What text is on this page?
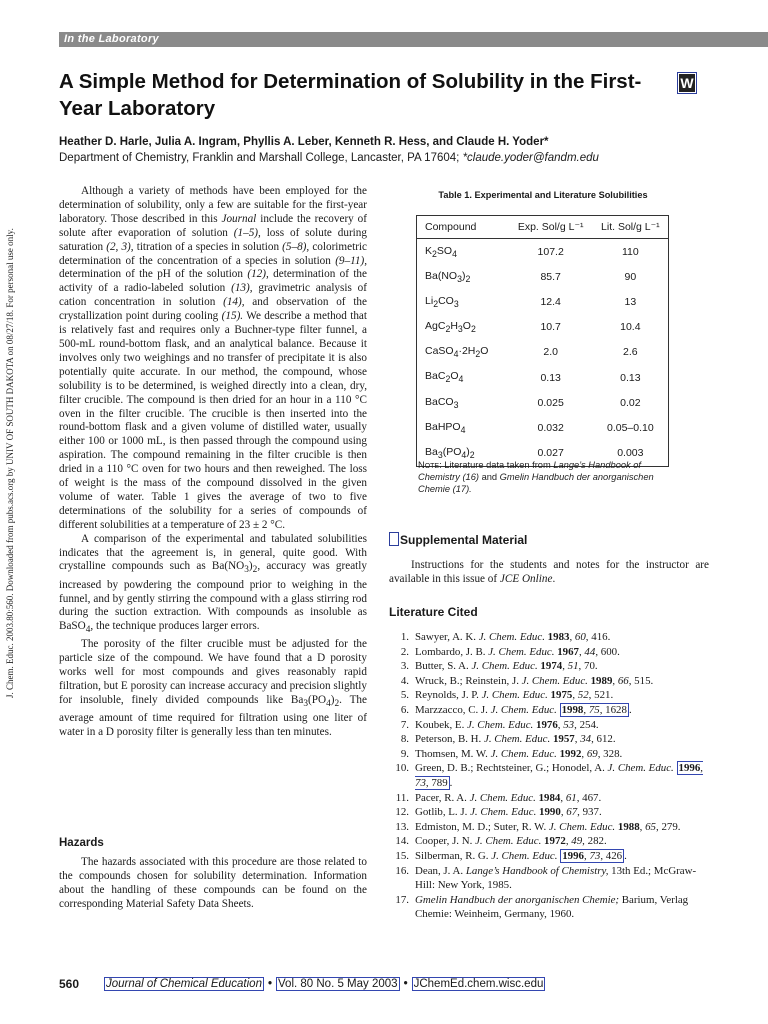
In the Laboratory
A Simple Method for Determination of Solubility in the First-Year Laboratory
W
Heather D. Harle, Julia A. Ingram, Phyllis A. Leber, Kenneth R. Hess, and Claude H. Yoder*
Department of Chemistry, Franklin and Marshall College, Lancaster, PA 17604; *claude.yoder@fandm.edu
J. Chem. Educ. 2003.80:560. Downloaded from pubs.acs.org by UNIV OF SOUTH DAKOTA on 08/27/18. For personal use only.

Although a variety of methods have been employed for the determination of solubility, only a few are suitable for the first-year laboratory. Those described in this Journal include the recovery of solute after evaporation of solution (1–5), loss of solute during saturation (2, 3), titration of a species in solution (5–8), colorimetric determination of the concentration of a species in solution (9–11), determination of the pH of the solution (12), determination of the activity of a radio-labeled solution (13), gravimetric analysis of cation concentration in solution (14), and observation of the crystallization point during cooling (15). We describe a method that is relatively fast and requires only a Buchner-type filter funnel, a 500-mL round-bottom flask, and an analytical balance. Because it involves only two weighings and no transfer of precipitate it is also potentially quite accurate. In our method, the compound, whose solubility is to be determined, is weighed directly into a clean, dry, filter crucible. The compound is then dried for an hour in a 110 °C oven in the filter crucible. The crucible is then inserted into the round-bottom flask and a given volume of distilled water, usually either 100 or 1000 mL, is then passed through the compound using aspiration. The compound remaining in the filter crucible is then dried in a 110 °C oven for two hours and then reweighed. The loss of weight is the mass of the compound dissolved in the given volume of water. Table 1 gives the average of two to five determinations of the solubility for a series of compounds of different solubilities at a temperature of 23 ± 2 °C.

A comparison of the experimental and tabulated solubilities indicates that the agreement is, in general, quite good. With crystalline compounds such as $Ba(NO_3)_2$, accuracy was greatly increased by powdering the compound prior to weighing in the funnel, and by gently stirring the compound with a glass stirring rod during the suction extraction. With compounds as insoluble as BaSO$_4$, the technique produces larger errors.

The porosity of the filter crucible must be adjusted for the particle size of the compound. We have found that a D porosity works well for most compounds and gives reasonably rapid filtration, but E porosity can increase accuracy and precision slightly for insoluble, finely divided compounds like $Ba_3(PO_4)_2$. The average amount of time required for filtration using one liter of water in a D porosity filter is generally less than ten minutes.

Hazards

The hazards associated with this procedure are those related to the compounds chosen for solubility determination. Information about the handling of these compounds can be found on the corresponding Material Safety Data Sheets.

Table 1. Experimental and Literature Solubilities
Compound	Exp. Sol/g L⁻¹	Lit. Sol/g L⁻¹
$K_2SO_4$	107.2	110
$Ba(NO_3)_2$	85.7	90
$Li_2CO_3$	12.4	13
$AgC_2H_3O_2$	10.7	10.4
$CaSO_4\cdot 2H_2O$	2.0	2.6
$BaC_2O_4$	0.13	0.13
BaCO$_3$	0.025	0.02
BaHPO$_4$	0.032	0.05–0.10
$Ba_3(PO_4)_2$	0.027	0.003
Note: Literature data taken from Lange’s Handbook of Chemistry (16) and Gmelin Handbuch der anorganischen Chemie (17).
Supplemental Material

Instructions for the students and notes for the instructor are available in this issue of JCE Online.

Literature Cited
1. Sawyer, A. K. J. Chem. Educ. 1983, 60, 416.
2. Lombardo, J. B. J. Chem. Educ. 1967, 44, 600.
3. Butter, S. A. J. Chem. Educ. 1974, 51, 70.
4. Wruck, B.; Reinstein, J. J. Chem. Educ. 1989, 66, 515.
5. Reynolds, J. P. J. Chem. Educ. 1975, 52, 521.
6. Marzzacco, C. J. J. Chem. Educ. 1998, 75, 1628 .
7. Koubek, E. J. Chem. Educ. 1976, 53, 254.
8. Peterson, B. H. J. Chem. Educ. 1957, 34, 612.
9. Thomsen, M. W. J. Chem. Educ. 1992, 69, 328.
10. Green, D. B.; Rechtsteiner, G.; Honodel, A. J. Chem. Educ. 1996, 73, 789 .
11. Pacer, R. A. J. Chem. Educ. 1984, 61, 467.
12. Gotlib, L. J. J. Chem. Educ. 1990, 67, 937.
13. Edmiston, M. D.; Suter, R. W. J. Chem. Educ. 1988, 65, 279.
14. Cooper, J. N. J. Chem. Educ. 1972, 49, 282.
15. Silberman, R. G. J. Chem. Educ. 1996, 73, 426 .
16. Dean, J. A. Lange’s Handbook of Chemistry, 13th Ed.; McGraw-Hill: New York, 1985.
17. Gmelin Handbuch der anorganischen Chemie; Barium, Verlag Chemie: Weinheim, Germany, 1960.
560 Journal of Chemical Education • Vol. 80 No. 5 May 2003 • JChemEd.chem.wisc.edu
